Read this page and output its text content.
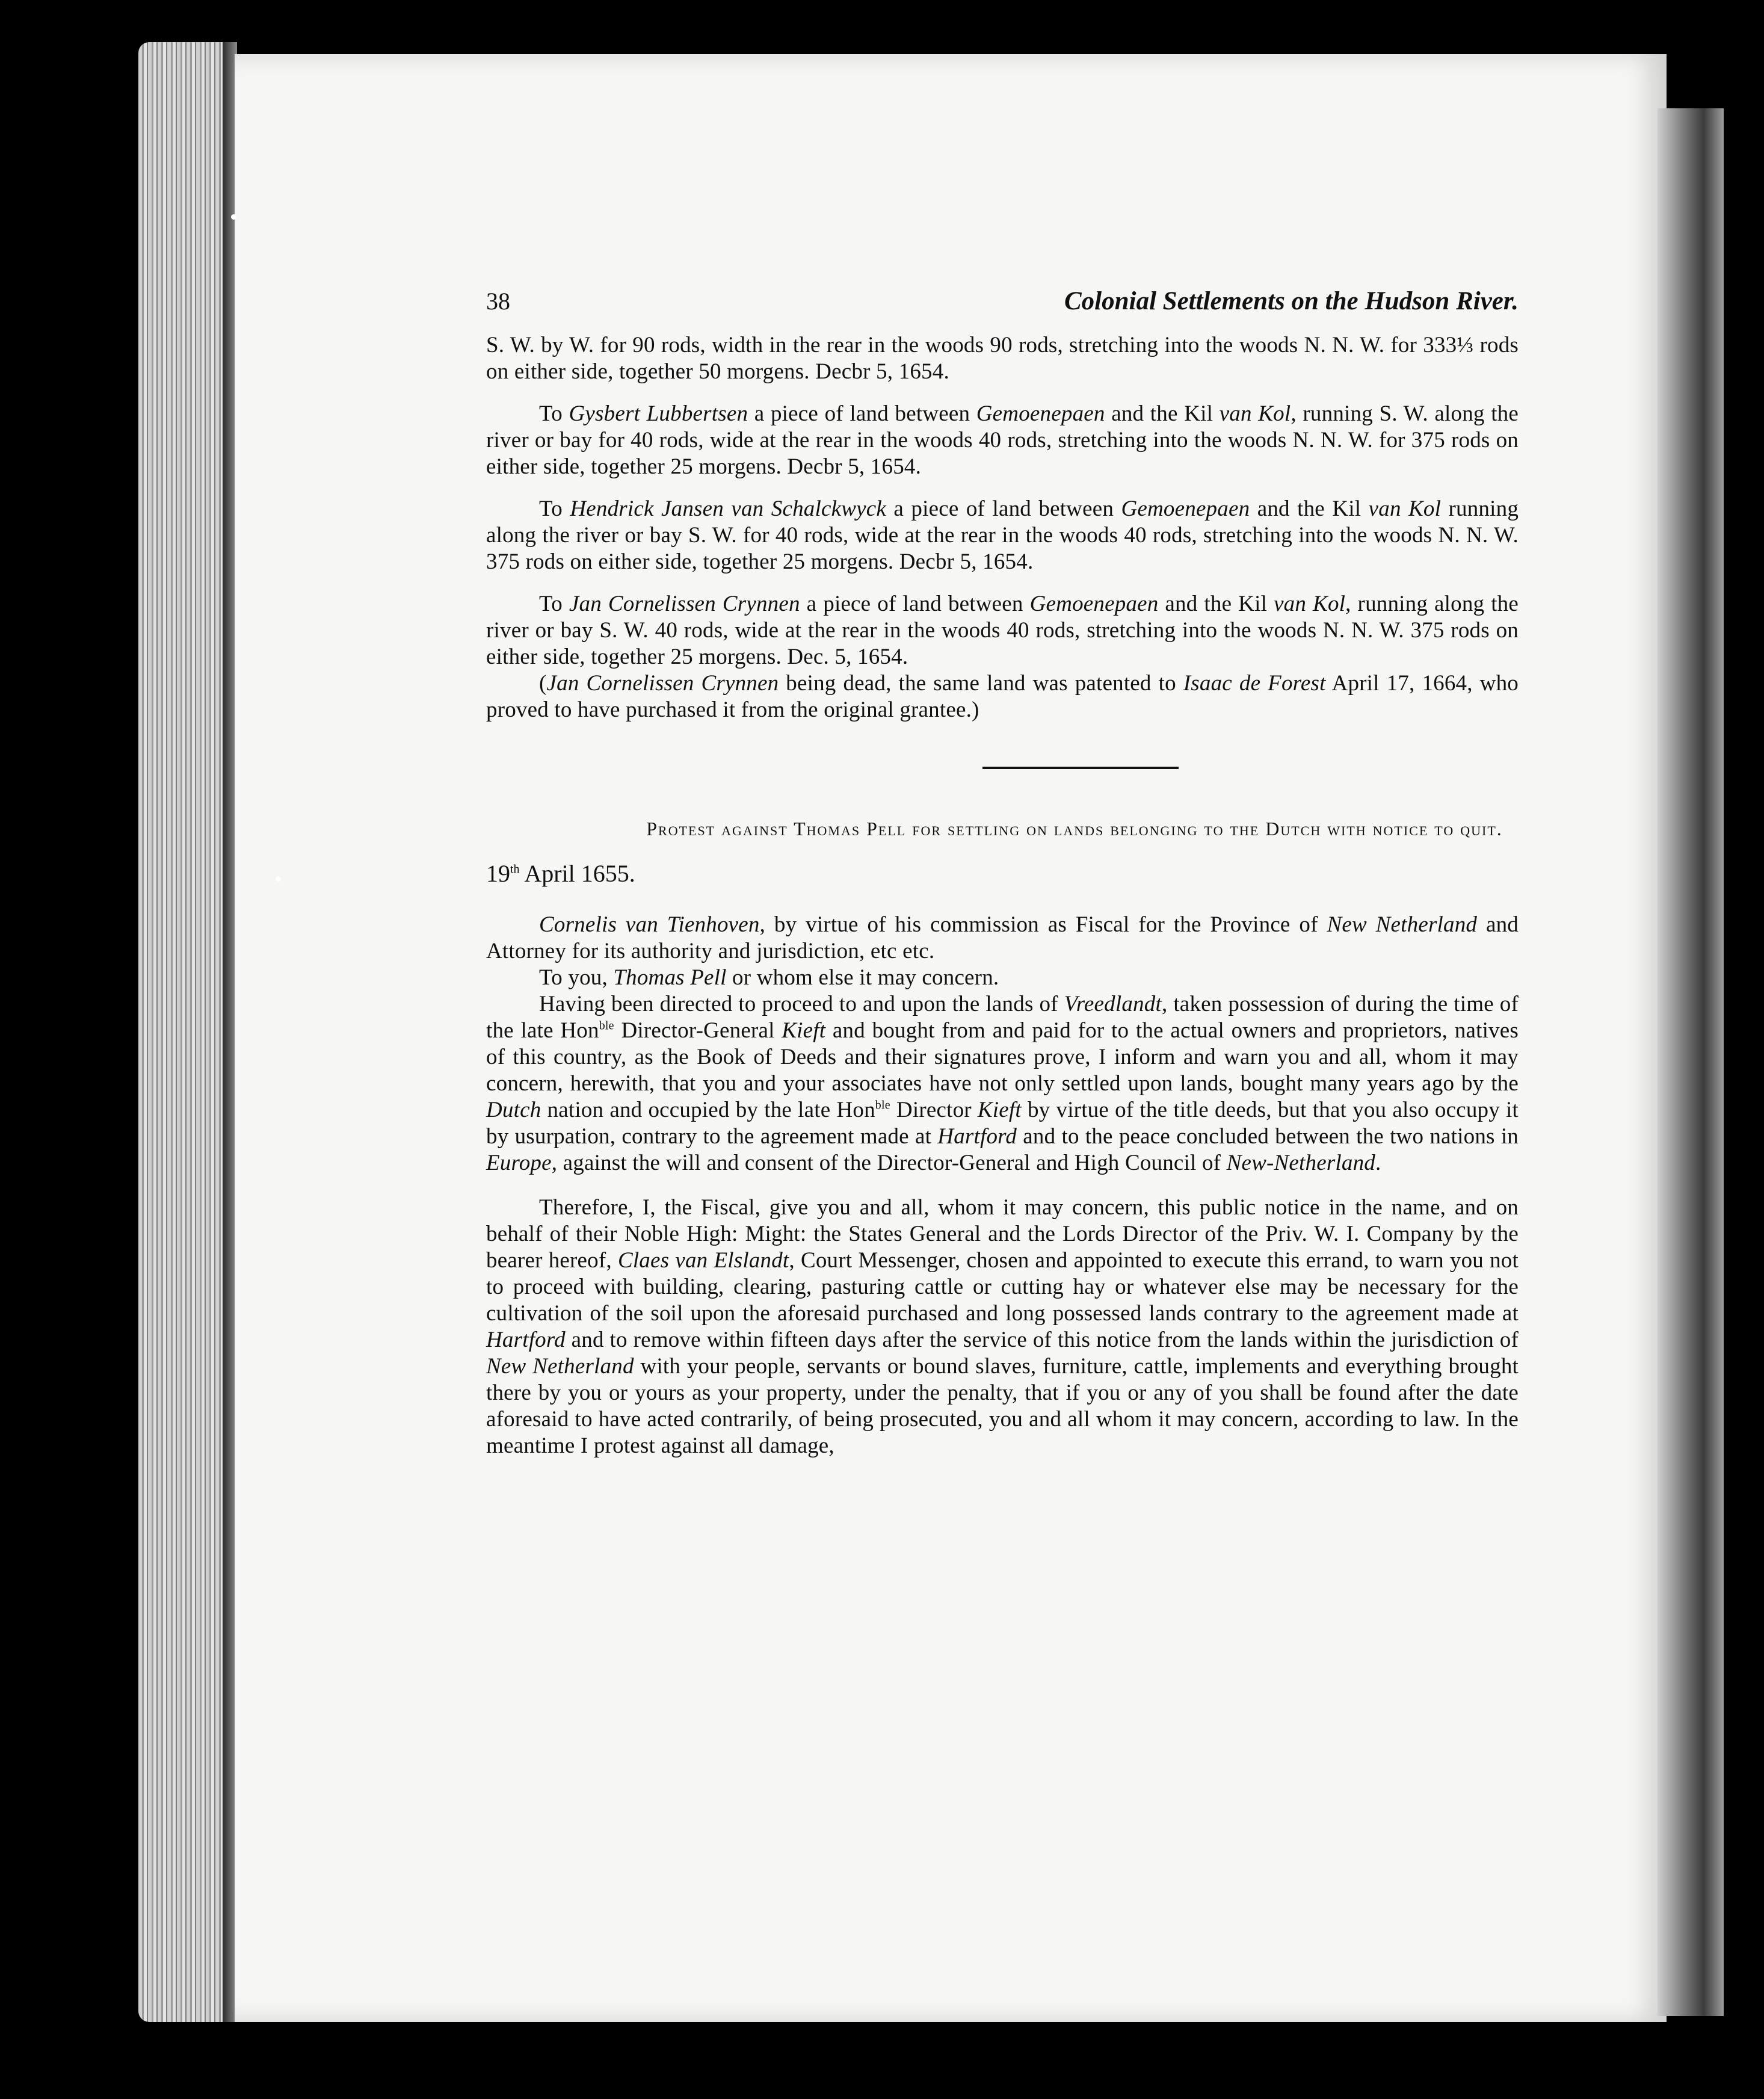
38	Colonial Settlements on the Hudson River.

S. W. by W. for 90 rods, width in the rear in the woods 90 rods, stretching into the woods N. N. W. for 333⅓ rods on either side, together 50 morgens. Decbr 5, 1654.

To Gysbert Lubbertsen a piece of land between Gemoenepaen and the Kil van Kol, running S. W. along the river or bay for 40 rods, wide at the rear in the woods 40 rods, stretching into the woods N. N. W. for 375 rods on either side, together 25 morgens. Decbr 5, 1654.

To Hendrick Jansen van Schalckwyck a piece of land between Gemoenepaen and the Kil van Kol running along the river or bay S. W. for 40 rods, wide at the rear in the woods 40 rods, stretching into the woods N. N. W. 375 rods on either side, together 25 morgens. Decbr 5, 1654.

To Jan Cornelissen Crynnen a piece of land between Gemoenepaen and the Kil van Kol, running along the river or bay S. W. 40 rods, wide at the rear in the woods 40 rods, stretching into the woods N. N. W. 375 rods on either side, together 25 morgens. Dec. 5, 1654.

(Jan Cornelissen Crynnen being dead, the same land was patented to Isaac de Forest April 17, 1664, who proved to have purchased it from the original grantee.)

Protest against Thomas Pell for settling on lands belonging to the Dutch with notice to quit.
19th April 1655.

Cornelis van Tienhoven, by virtue of his commission as Fiscal for the Province of New Netherland and Attorney for its authority and jurisdiction, etc etc.

To you, Thomas Pell or whom else it may concern.

Having been directed to proceed to and upon the lands of Vreedlandt, taken possession of during the time of the late Hon$^{ble}$ Director-General Kieft and bought from and paid for to the actual owners and proprietors, natives of this country, as the Book of Deeds and their signatures prove, I inform and warn you and all, whom it may concern, herewith, that you and your associates have not only settled upon lands, bought many years ago by the Dutch nation and occupied by the late Hon$^{ble}$ Director Kieft by virtue of the title deeds, but that you also occupy it by usurpation, contrary to the agreement made at Hartford and to the peace concluded between the two nations in Europe, against the will and consent of the Director-General and High Council of New-Netherland.

Therefore, I, the Fiscal, give you and all, whom it may concern, this public notice in the name, and on behalf of their Noble High: Might: the States General and the Lords Director of the Priv. W. I. Company by the bearer hereof, Claes van Elslandt, Court Messenger, chosen and appointed to execute this errand, to warn you not to proceed with building, clearing, pasturing cattle or cutting hay or whatever else may be necessary for the cultivation of the soil upon the aforesaid purchased and long possessed lands contrary to the agreement made at Hartford and to remove within fifteen days after the service of this notice from the lands within the jurisdiction of New Netherland with your people, servants or bound slaves, furniture, cattle, implements and everything brought there by you or yours as your property, under the penalty, that if you or any of you shall be found after the date aforesaid to have acted contrarily, of being prosecuted, you and all whom it may concern, according to law. In the meantime I protest against all damage,
